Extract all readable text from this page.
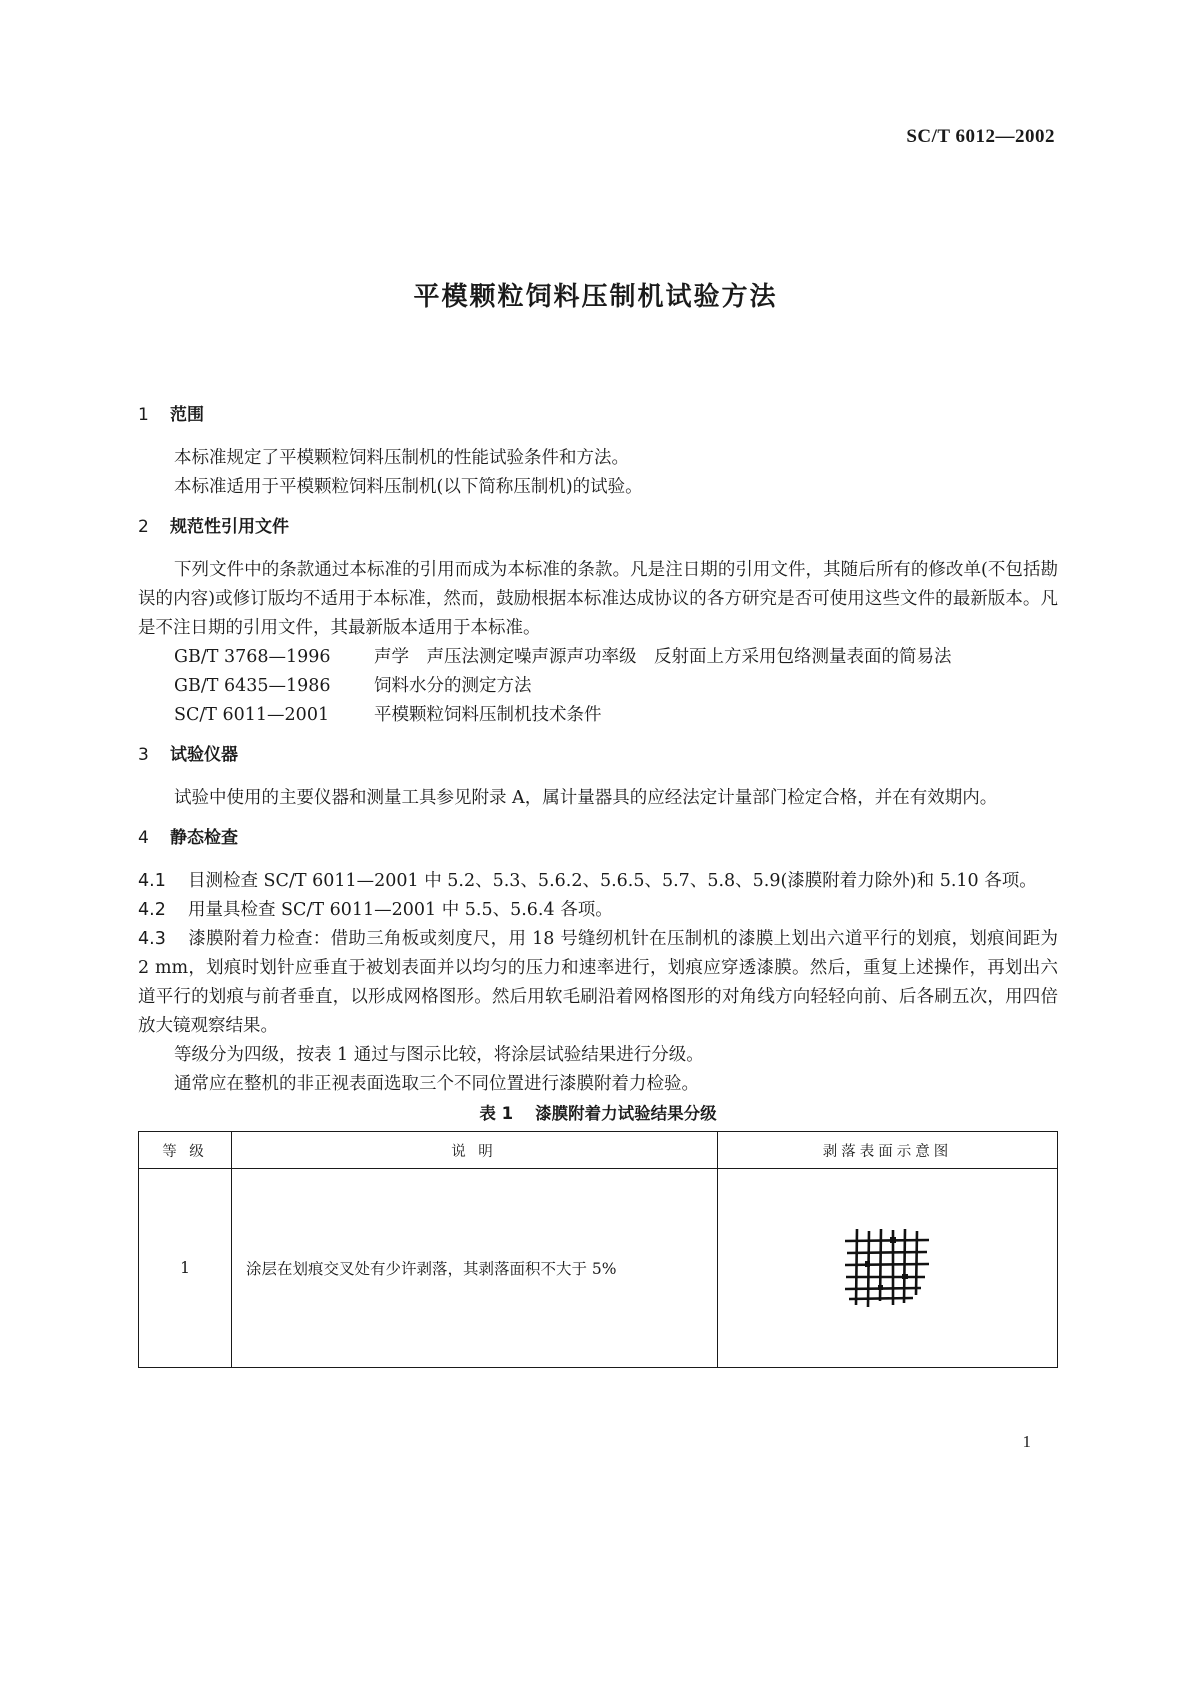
SC/T 6012—2002
平模颗粒饲料压制机试验方法
1 范围

本标准规定了平模颗粒饲料压制机的性能试验条件和方法。

本标准适用于平模颗粒饲料压制机(以下简称压制机)的试验。

2 规范性引用文件

下列文件中的条款通过本标准的引用而成为本标准的条款。凡是注日期的引用文件，其随后所有的修改单(不包括勘误的内容)或修订版均不适用于本标准，然而，鼓励根据本标准达成协议的各方研究是否可使用这些文件的最新版本。凡是不注日期的引用文件，其最新版本适用于本标准。

GB/T 3768—1996 声学　声压法测定噪声源声功率级　反射面上方采用包络测量表面的简易法

GB/T 6435—1986 饲料水分的测定方法

SC/T 6011—2001	平模颗粒饲料压制机技术条件

3 试验仪器

试验中使用的主要仪器和测量工具参见附录 A，属计量器具的应经法定计量部门检定合格，并在有效期内。

4 静态检查

4.1 目测检查 SC/T 6011—2001 中 5.2、5.3、5.6.2、5.6.5、5.7、5.8、5.9(漆膜附着力除外)和 5.10 各项。

4.2 用量具检查 SC/T 6011—2001 中 5.5、5.6.4 各项。

4.3 漆膜附着力检查：借助三角板或刻度尺，用 18 号缝纫机针在压制机的漆膜上划出六道平行的划痕，划痕间距为 2 mm，划痕时划针应垂直于被划表面并以均匀的压力和速率进行，划痕应穿透漆膜。然后，重复上述操作，再划出六道平行的划痕与前者垂直，以形成网格图形。然后用软毛刷沿着网格图形的对角线方向轻轻向前、后各刷五次，用四倍放大镜观察结果。

等级分为四级，按表 1 通过与图示比较，将涂层试验结果进行分级。

通常应在整机的非正视表面选取三个不同位置进行漆膜附着力检验。

表 1 漆膜附着力试验结果分级
等 级	说 明	剥落表面示意图
1	涂层在划痕交叉处有少许剥落，其剥落面积不大于 5%	
1
